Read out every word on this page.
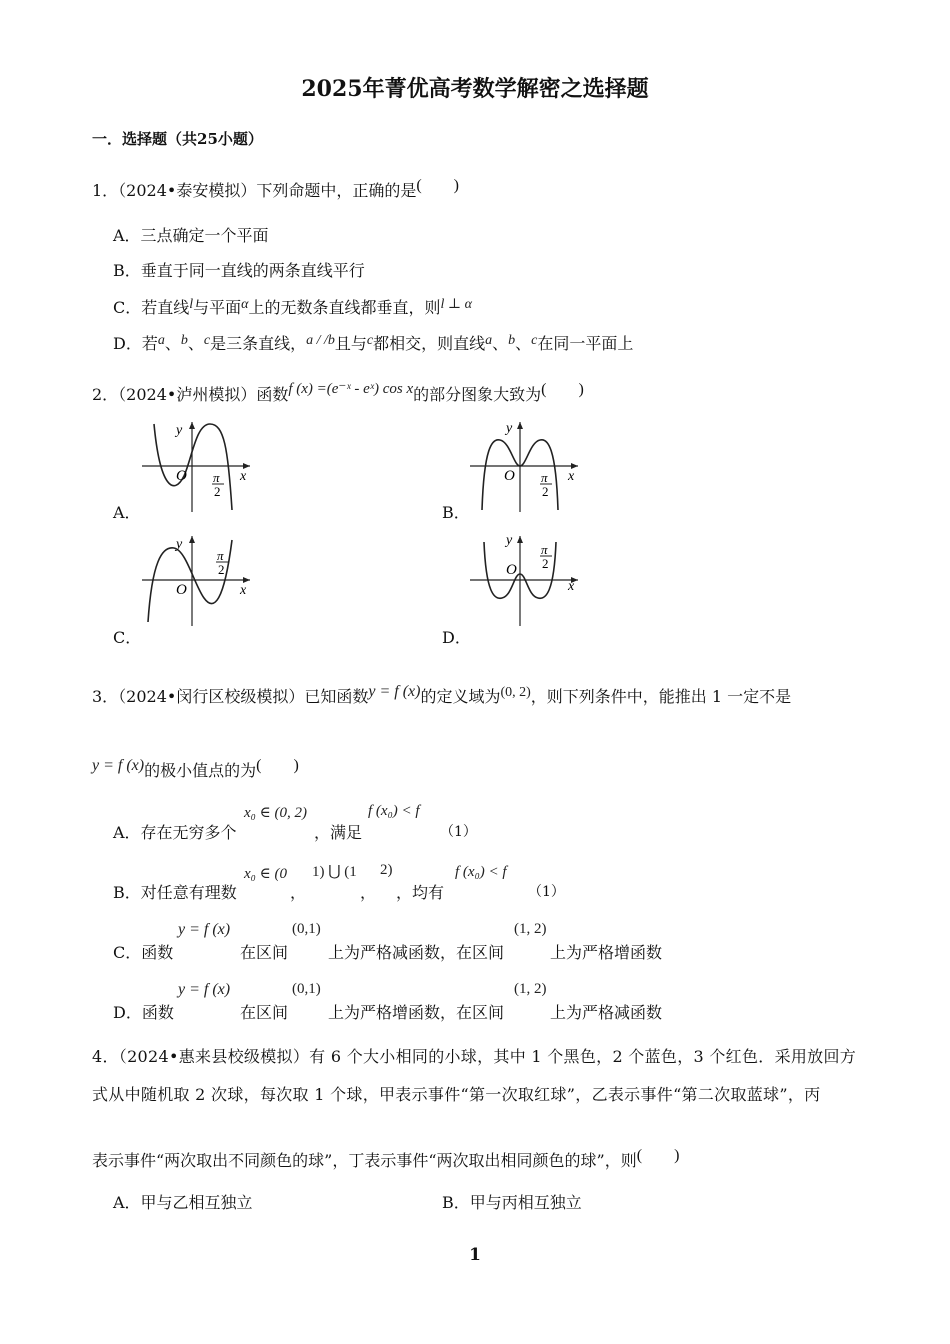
2025年菁优高考数学解密之选择题
一．选择题（共25小题）
1．（2024•泰安模拟）下列命题中，正确的是(　　)
A．三点确定一个平面
B．垂直于同一直线的两条直线平行
C．若直线l与平面α上的无数条直线都垂直，则l ⊥ α
D．若a、b、c是三条直线，a / /b且与c都相交，则直线a、b、c在同一平面上
2．（2024•泸州模拟）函数f (x) =(e⁻ˣ - eˣ) cos x的部分图象大致为(　　)
A．	B．
C．	D．
y
x
O π
2
y
x
O π
2
y
x
O
π
2
y
x
O
π
2
3．（2024•闵行区校级模拟）已知函数y = f (x)的定义域为(0, 2)，则下列条件中，能推出 1 一定不是
y = f (x)的极小值点的为(　　)
A．存在无穷多个
x₀ ∈ (0, 2)
，满足
f (x₀) < f
（1）
B．对任意有理数
x₀ ∈ (0
，
1) ⋃ (1
，
2)
，均有
f (x₀) < f
（1）
C．函数
y = f (x)
在区间
(0,1)
上为严格减函数，在区间
(1, 2)
上为严格增函数
D．函数
y = f (x)
在区间
(0,1)
上为严格增函数，在区间
(1, 2)
上为严格减函数
4．（2024•惠来县校级模拟）有 6 个大小相同的小球，其中 1 个黑色，2 个蓝色，3 个红色．采用放回方
式从中随机取 2 次球，每次取 1 个球，甲表示事件“第一次取红球”，乙表示事件“第二次取蓝球”，丙
表示事件“两次取出不同颜色的球”，丁表示事件“两次取出相同颜色的球”，则(　　)
A．甲与乙相互独立	B．甲与丙相互独立
1
